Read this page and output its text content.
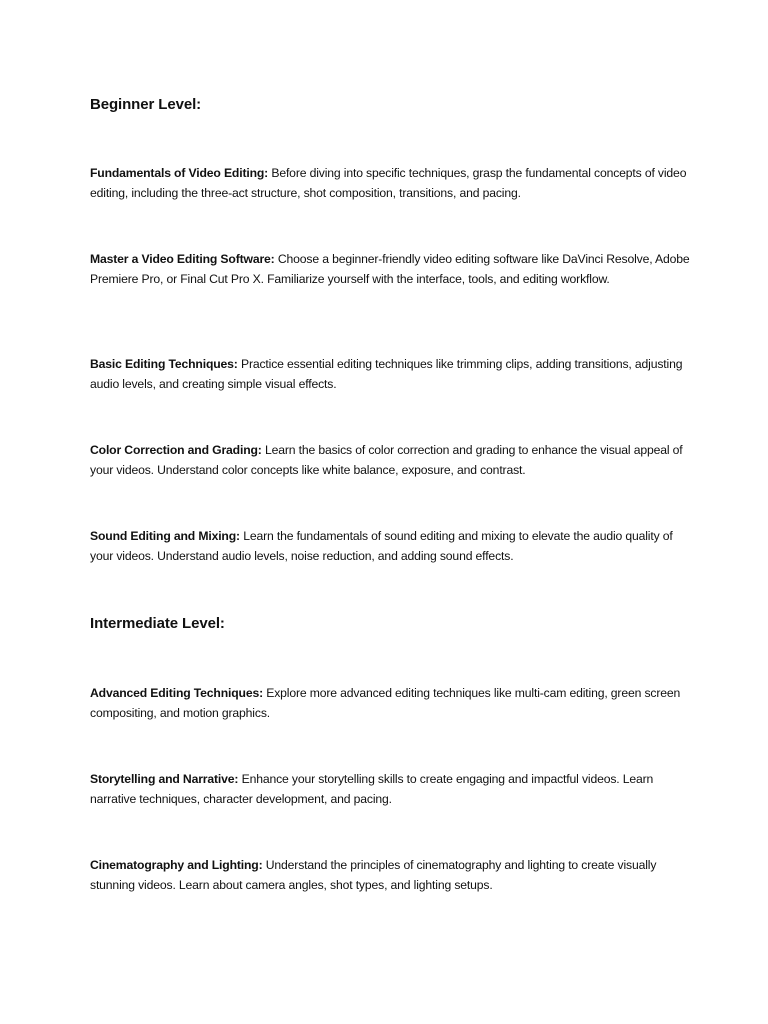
Beginner Level:

Fundamentals of Video Editing: Before diving into specific techniques, grasp the fundamental concepts of video editing, including the three-act structure, shot composition, transitions, and pacing.

Master a Video Editing Software: Choose a beginner-friendly video editing software like DaVinci Resolve, Adobe Premiere Pro, or Final Cut Pro X. Familiarize yourself with the interface, tools, and editing workflow.

Basic Editing Techniques: Practice essential editing techniques like trimming clips, adding transitions, adjusting audio levels, and creating simple visual effects.

Color Correction and Grading: Learn the basics of color correction and grading to enhance the visual appeal of your videos. Understand color concepts like white balance, exposure, and contrast.

Sound Editing and Mixing: Learn the fundamentals of sound editing and mixing to elevate the audio quality of your videos. Understand audio levels, noise reduction, and adding sound effects.

Intermediate Level:

Advanced Editing Techniques: Explore more advanced editing techniques like multi-cam editing, green screen compositing, and motion graphics.

Storytelling and Narrative: Enhance your storytelling skills to create engaging and impactful videos. Learn narrative techniques, character development, and pacing.

Cinematography and Lighting: Understand the principles of cinematography and lighting to create visually stunning videos. Learn about camera angles, shot types, and lighting setups.
